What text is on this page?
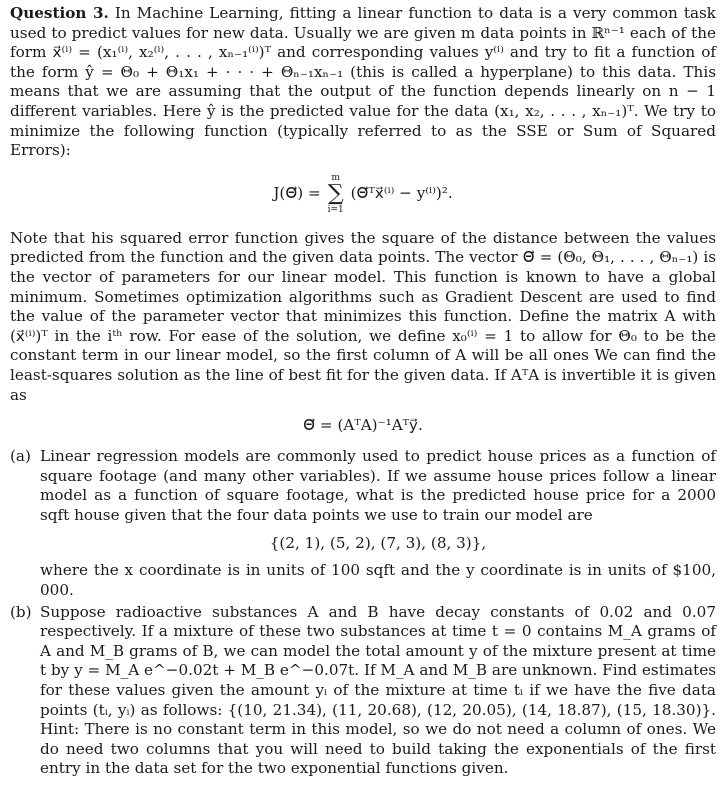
Question 3. In Machine Learning, fitting a linear function to data is a very common task used to predict values for new data. Usually we are given m data points in ℝⁿ⁻¹ each of the form x⃗⁽ⁱ⁾ = (x₁⁽ⁱ⁾, x₂⁽ⁱ⁾, . . . , xₙ₋₁⁽ⁱ⁾)ᵀ and corresponding values y⁽ⁱ⁾ and try to fit a function of the form ŷ = Θ₀ + Θ₁x₁ + · · · + Θₙ₋₁xₙ₋₁ (this is called a hyperplane) to this data. This means that we are assuming that the output of the function depends linearly on n − 1 different variables. Here ŷ is the predicted value for the data (x₁, x₂, . . . , xₙ₋₁)ᵀ. We try to minimize the following function (typically referred to as the SSE or Sum of Squared Errors):

J(Θ⃗) =
m
∑
i=1
(Θ⃗ᵀx⃗⁽ⁱ⁾ − y⁽ⁱ⁾)².

Note that his squared error function gives the square of the distance between the values predicted from the function and the given data points. The vector Θ⃗ = (Θ₀, Θ₁, . . . , Θₙ₋₁) is the vector of parameters for our linear model. This function is known to have a global minimum. Sometimes optimization algorithms such as Gradient Descent are used to find the value of the parameter vector that minimizes this function. Define the matrix A with (x⃗⁽ⁱ⁾)ᵀ in the iᵗʰ row. For ease of the solution, we define x₀⁽ⁱ⁾ = 1 to allow for Θ₀ to be the constant term in our linear model, so the first column of A will be all ones We can find the least-squares solution as the line of best fit for the given data. If AᵀA is invertible it is given as

Θ⃗ = (AᵀA)⁻¹Aᵀy⃗.
(a) Linear regression models are commonly used to predict house prices as a function of square footage (and many other variables). If we assume house prices follow a linear model as a function of square footage, what is the predicted house price for a 2000 sqft house given that the four data points we use to train our model are

{(2, 1), (5, 2), (7, 3), (8, 3)},

where the x coordinate is in units of 100 sqft and the y coordinate is in units of $100, 000.

(b) Suppose radioactive substances A and B have decay constants of 0.02 and 0.07 respectively. If a mixture of these two substances at time t = 0 contains M_A grams of A and M_B grams of B, we can model the total amount y of the mixture present at time t by y = M_A e^−0.02t + M_B e^−0.07t. If M_A and M_B are unknown. Find estimates for these values given the amount yᵢ of the mixture at time tᵢ if we have the five data points (tᵢ, yᵢ) as follows: {(10, 21.34), (11, 20.68), (12, 20.05), (14, 18.87), (15, 18.30)}. Hint: There is no constant term in this model, so we do not need a column of ones. We do need two columns that you will need to build taking the exponentials of the first entry in the data set for the two exponential functions given.
